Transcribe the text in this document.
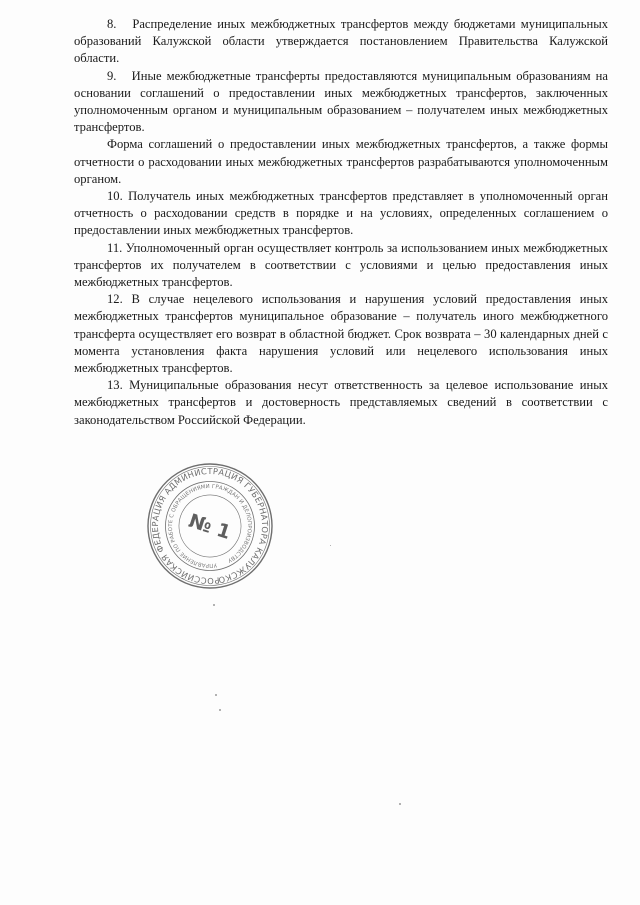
8.   Распределение иных межбюджетных трансфертов между бюджетами муниципальных образований Калужской области утверждается постановлением Правительства Калужской области.

9.   Иные межбюджетные трансферты предоставляются муниципальным образованиям на основании соглашений о предоставлении иных межбюджетных трансфертов, заключенных уполномоченным органом и муниципальным образованием – получателем иных межбюджетных трансфертов.

Форма соглашений о предоставлении иных межбюджетных трансфертов, а также формы отчетности о расходовании иных межбюджетных трансфертов разрабатываются уполномоченным органом.

10. Получатель иных межбюджетных трансфертов представляет в уполномоченный орган отчетность о расходовании средств в порядке и на условиях, определенных соглашением о предоставлении иных межбюджетных трансфертов.

11. Уполномоченный орган осуществляет контроль за использованием иных межбюджетных трансфертов их получателем в соответствии с условиями и целью предоставления иных межбюджетных трансфертов.

12. В случае нецелевого использования и нарушения условий предоставления иных межбюджетных трансфертов муниципальное образование – получатель иного межбюджетного трансферта осуществляет его возврат в областной бюджет. Срок возврата – 30 календарных дней с момента установления факта нарушения условий или нецелевого использования иных межбюджетных трансфертов.

13. Муниципальные образования несут ответственность за целевое использование иных межбюджетных трансфертов и достоверность представляемых сведений в соответствии с законодательством Российской Федерации.

РОССИЙСКАЯ ФЕДЕРАЦИЯ АДМИНИСТРАЦИЯ ГУБЕРНАТОРА КАЛУЖСКОЙ
УПРАВЛЕНИЕ ПО РАБОТЕ С ОБРАЩЕНИЯМИ ГРАЖДАН И ДЕЛОПРОИЗВОДСТВУ
№ 1
